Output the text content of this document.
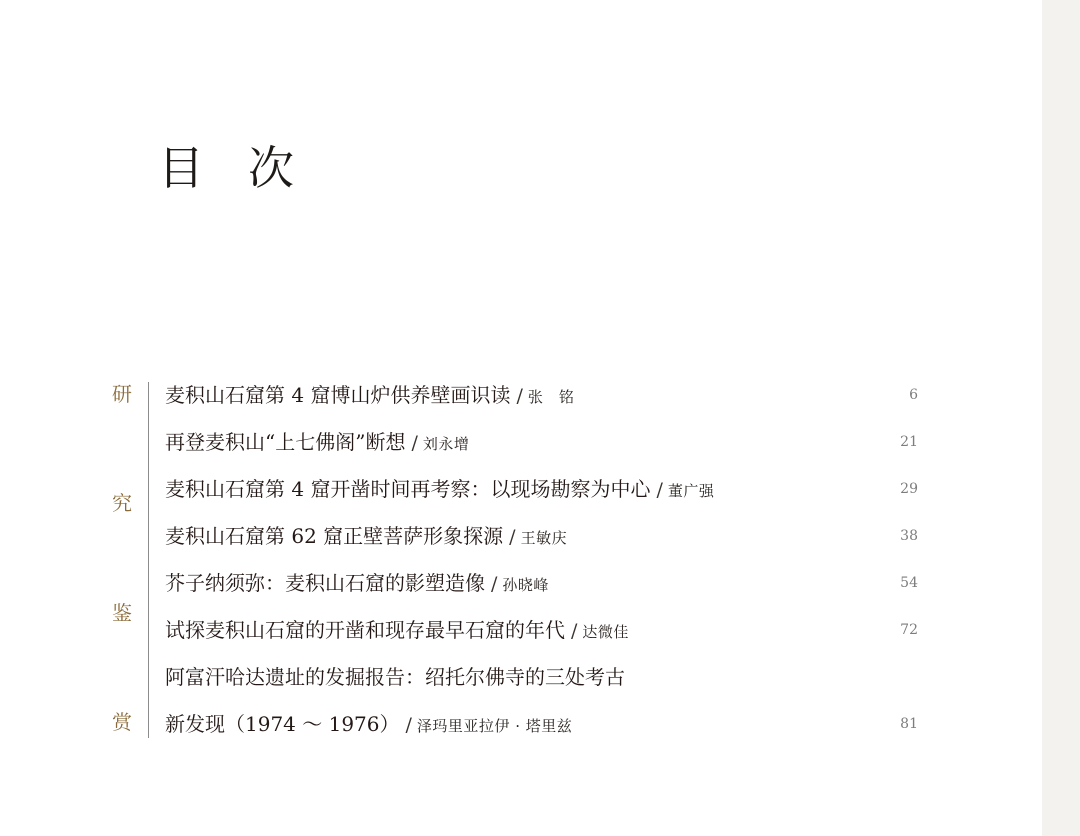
目 次
研
究
鉴
赏
麦积山石窟第 4 窟博山炉供养壁画识读 / 张　铭	6
再登麦积山“上七佛阁”断想 / 刘永增	21
麦积山石窟第 4 窟开凿时间再考察：以现场勘察为中心 / 董广强	29
麦积山石窟第 62 窟正壁菩萨形象探源 / 王敏庆	38
芥子纳须弥：麦积山石窟的影塑造像 / 孙晓峰	54
试探麦积山石窟的开凿和现存最早石窟的年代 / 达微佳	72
阿富汗哈达遗址的发掘报告：绍托尔佛寺的三处考古
新发现（1974 ～ 1976） / 泽玛里亚拉伊 · 塔里兹	81
